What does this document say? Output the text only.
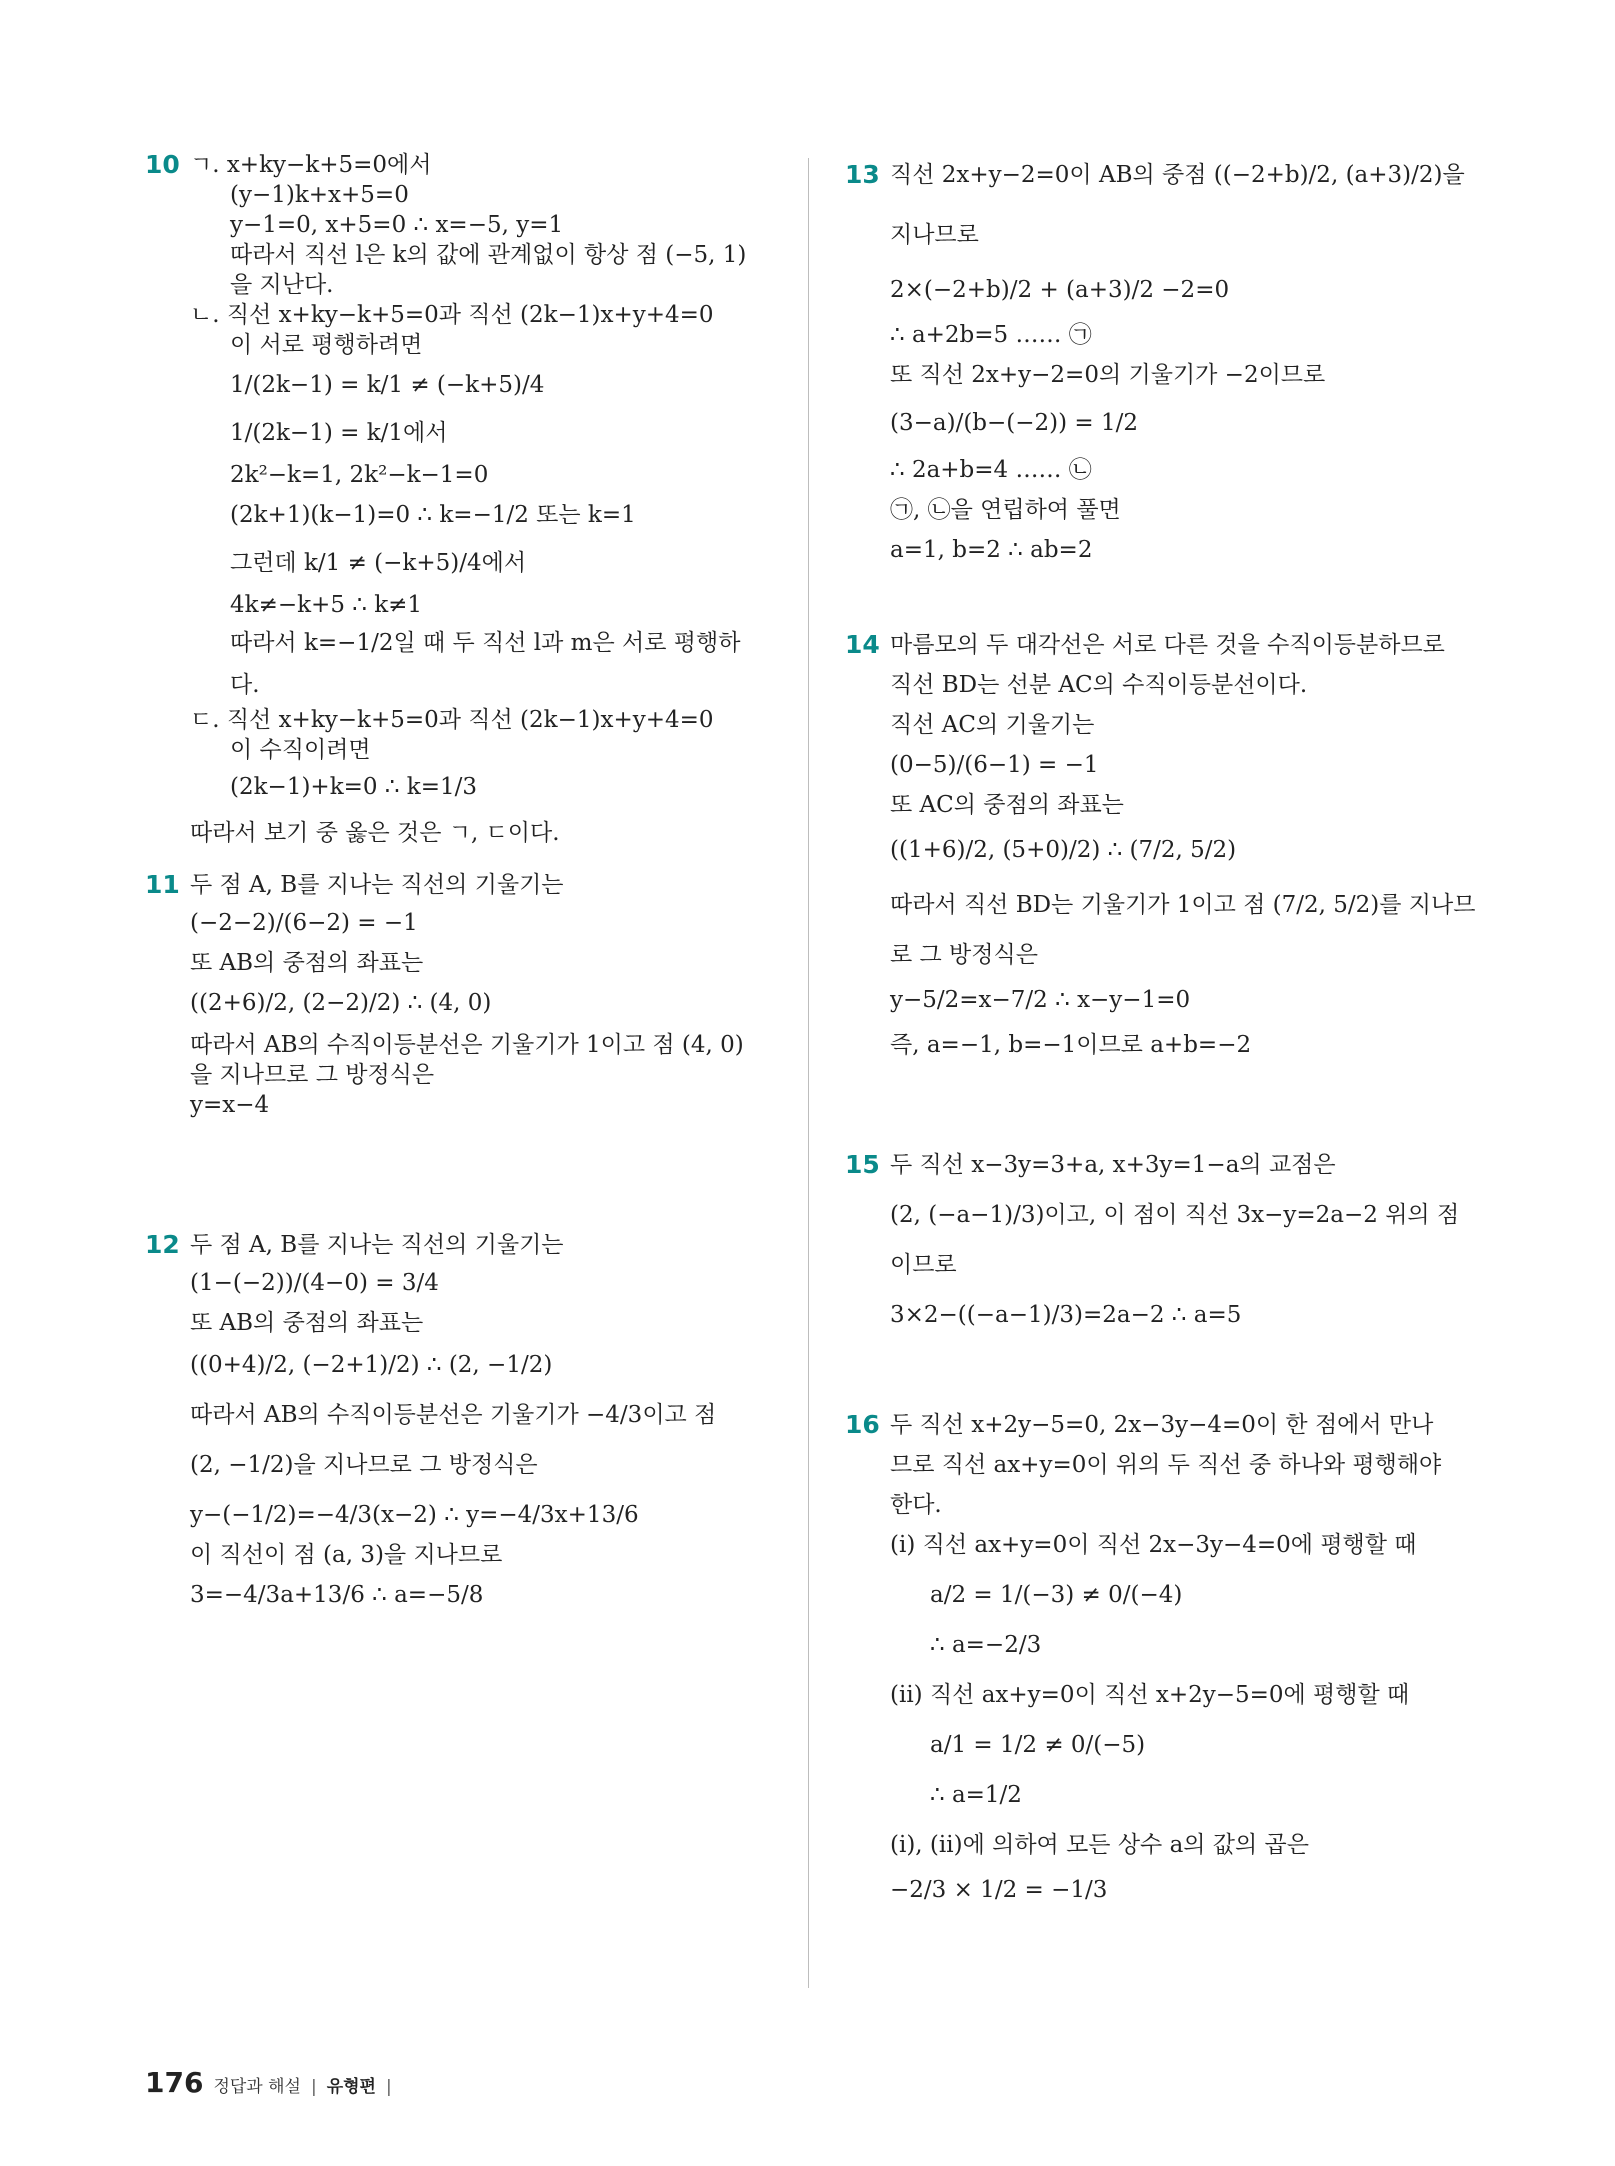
10 ㄱ. x+ky−k+5=0에서
(y−1)k+x+5=0
y−1=0, x+5=0 ∴ x=−5, y=1
따라서 직선 l은 k의 값에 관계없이 항상 점 (−5, 1)
을 지난다.
ㄴ. 직선 x+ky−k+5=0과 직선 (2k−1)x+y+4=0
이 서로 평행하려면
1/(2k−1) = k/1 ≠ (−k+5)/4
1/(2k−1) = k/1에서
2k²−k=1, 2k²−k−1=0
(2k+1)(k−1)=0 ∴ k=−1/2 또는 k=1
그런데 k/1 ≠ (−k+5)/4에서
4k≠−k+5 ∴ k≠1
따라서 k=−1/2일 때 두 직선 l과 m은 서로 평행하
다.
ㄷ. 직선 x+ky−k+5=0과 직선 (2k−1)x+y+4=0
이 수직이려면
(2k−1)+k=0 ∴ k=1/3
따라서 보기 중 옳은 것은 ㄱ, ㄷ이다.
11 두 점 A, B를 지나는 직선의 기울기는
(−2−2)/(6−2) = −1
또 AB의 중점의 좌표는
((2+6)/2, (2−2)/2) ∴ (4, 0)
따라서 AB의 수직이등분선은 기울기가 1이고 점 (4, 0)
을 지나므로 그 방정식은
y=x−4
12 두 점 A, B를 지나는 직선의 기울기는
(1−(−2))/(4−0) = 3/4
또 AB의 중점의 좌표는
((0+4)/2, (−2+1)/2) ∴ (2, −1/2)
따라서 AB의 수직이등분선은 기울기가 −4/3이고 점
(2, −1/2)을 지나므로 그 방정식은
y−(−1/2)=−4/3(x−2) ∴ y=−4/3x+13/6
이 직선이 점 (a, 3)을 지나므로
3=−4/3a+13/6 ∴ a=−5/8
13 직선 2x+y−2=0이 AB의 중점 ((−2+b)/2, (a+3)/2)을
지나므로
2×(−2+b)/2 + (a+3)/2 −2=0
∴ a+2b=5 …… ㉠
또 직선 2x+y−2=0의 기울기가 −2이므로
(3−a)/(b−(−2)) = 1/2
∴ 2a+b=4 …… ㉡
㉠, ㉡을 연립하여 풀면
a=1, b=2 ∴ ab=2
14 마름모의 두 대각선은 서로 다른 것을 수직이등분하므로
직선 BD는 선분 AC의 수직이등분선이다.
직선 AC의 기울기는
(0−5)/(6−1) = −1
또 AC의 중점의 좌표는
((1+6)/2, (5+0)/2) ∴ (7/2, 5/2)
따라서 직선 BD는 기울기가 1이고 점 (7/2, 5/2)를 지나므
로 그 방정식은
y−5/2=x−7/2 ∴ x−y−1=0
즉, a=−1, b=−1이므로 a+b=−2
15 두 직선 x−3y=3+a, x+3y=1−a의 교점은
(2, (−a−1)/3)이고, 이 점이 직선 3x−y=2a−2 위의 점
이므로
3×2−((−a−1)/3)=2a−2 ∴ a=5
16 두 직선 x+2y−5=0, 2x−3y−4=0이 한 점에서 만나
므로 직선 ax+y=0이 위의 두 직선 중 하나와 평행해야
한다.
(ⅰ) 직선 ax+y=0이 직선 2x−3y−4=0에 평행할 때
a/2 = 1/(−3) ≠ 0/(−4)
∴ a=−2/3
(ⅱ) 직선 ax+y=0이 직선 x+2y−5=0에 평행할 때
a/1 = 1/2 ≠ 0/(−5)
∴ a=1/2
(ⅰ), (ⅱ)에 의하여 모든 상수 a의 값의 곱은
−2/3 × 1/2 = −1/3
176 정답과 해설 | 유형편 |
